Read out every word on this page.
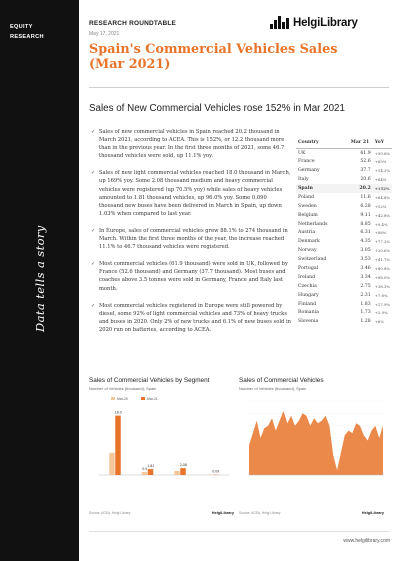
EQUITY
RESEARCH
Data tells a story
RESEARCH ROUNDTABLE
May 17, 2021
HelgiLibrary
Spain's Commercial Vehicles Sales (Mar 2021)
Sales of New Commercial Vehicles rose 152% in Mar 2021
✓ Sales of new commercial vehicles in Spain reached 20.2 thousand in March 2021, according to ACEA. This is 152%, or 12.2 thousand more than in the previous year. In the first three months of 2021, some 46.7 thousand vehicles were sold, up 11.1% yoy.
✓ Sales of new light commercial vehicles reached 18.0 thousand in March, up 169% yoy. Some 2.08 thousand medium and heavy commercial vehicles were registered (up 70.5% yoy) while sales of heavy vehicles amounted to 1.81 thousand vehicles, up 96.0% yoy. Some 0.090 thousand new buses have been delivered in March in Spain, up down 1.03% when compared to last year.
✓ In Europe, sales of commercial vehicles grew 88.1% to 274 thousand in March. Within the first three months of the year, the increase reached 11.1% to 46.7 thousand vehicles were registered.
✓ Most commercial vehicles (61.9 thousand) were sold in UK, followed by France (52.6 thousand) and Germany (37.7 thousand). Most buses and coaches above 3.5 tonnes were sold in Germany, France and Italy last month.
✓ Most commercial vehicles registered in Europe were still powered by diesel, some 92% of light commercial vehicles and 73% of heavy trucks and buses in 2020. Only 2% of new trucks and 6.1% of new buses sold in 2020 run on batteries, according to ACEA.
Country	Mar 21	YoY
UK	61.9	+50.6%
France	52.6	+65%
Germany	37.7	+14.2%
Italy	20.6	+64%
Spain	20.2	+152%
Poland	11.6	+64.8%
Sweden	6.28	+52%
Belgium	9.11	+42.8%
Netherlands	8.85	+9.4%
Austria	6.31	+86%
Denmark	4.35	+77.2%
Norway	3.05	+20.6%
Switzerland	3.53	+41.7%
Portugal	3.46	+80.8%
Ireland	3.34	+88.0%
Czechia	2.75	+38.3%
Hungary	2.31	+7.8%
Finland	1.83	+17.9%
Romania	1.73	+2.9%
Slovenia	1.28	+6%
Sales of Commercial Vehicles by Segment
Number of Vehicles (thousand), Spain
Mar-20	Mar-21
0.9
18.0
1.81	2.08
0.09
Source: ACEA, Helgi Library	HelgiLibrary
Sales of Commercial Vehicles
Number of Vehicles (thousand), Spain
Source: ACEA, Helgi Library	HelgiLibrary
www.helgilibrary.com
